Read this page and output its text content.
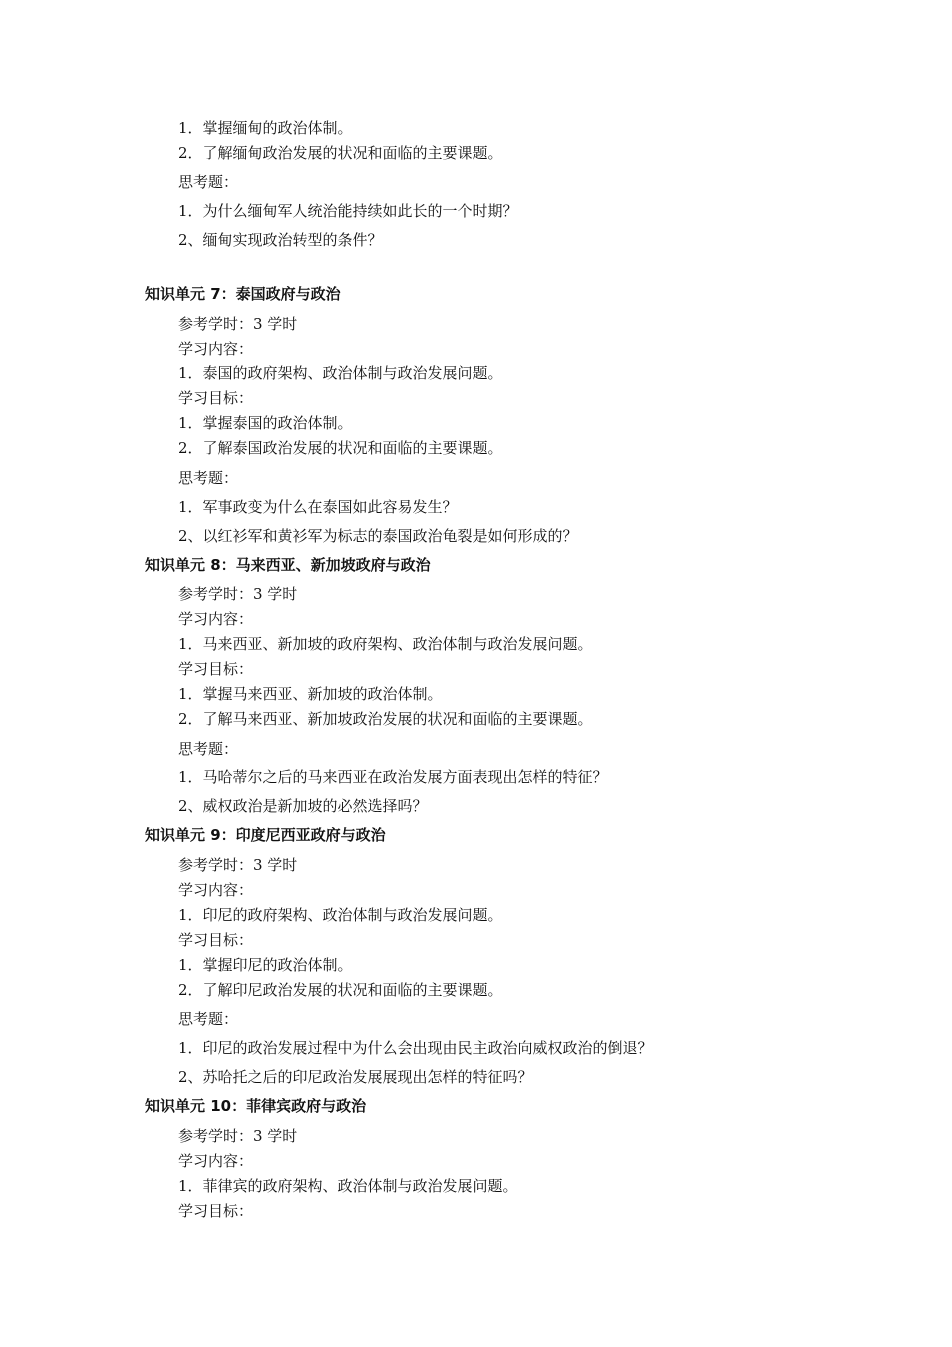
1．掌握缅甸的政治体制。
2．了解缅甸政治发展的状况和面临的主要课题。
思考题：
1．为什么缅甸军人统治能持续如此长的一个时期？
2、缅甸实现政治转型的条件？
知识单元 7：泰国政府与政治
参考学时：3 学时
学习内容：
1．泰国的政府架构、政治体制与政治发展问题。
学习目标：
1．掌握泰国的政治体制。
2．了解泰国政治发展的状况和面临的主要课题。
思考题：
1．军事政变为什么在泰国如此容易发生？
2、以红衫军和黄衫军为标志的泰国政治龟裂是如何形成的？
知识单元 8：马来西亚、新加坡政府与政治
参考学时：3 学时
学习内容：
1．马来西亚、新加坡的政府架构、政治体制与政治发展问题。
学习目标：
1．掌握马来西亚、新加坡的政治体制。
2．了解马来西亚、新加坡政治发展的状况和面临的主要课题。
思考题：
1．马哈蒂尔之后的马来西亚在政治发展方面表现出怎样的特征？
2、威权政治是新加坡的必然选择吗？
知识单元 9：印度尼西亚政府与政治
参考学时：3 学时
学习内容：
1．印尼的政府架构、政治体制与政治发展问题。
学习目标：
1．掌握印尼的政治体制。
2．了解印尼政治发展的状况和面临的主要课题。
思考题：
1．印尼的政治发展过程中为什么会出现由民主政治向威权政治的倒退？
2、苏哈托之后的印尼政治发展展现出怎样的特征吗？
知识单元 10：菲律宾政府与政治
参考学时：3 学时
学习内容：
1．菲律宾的政府架构、政治体制与政治发展问题。
学习目标：
